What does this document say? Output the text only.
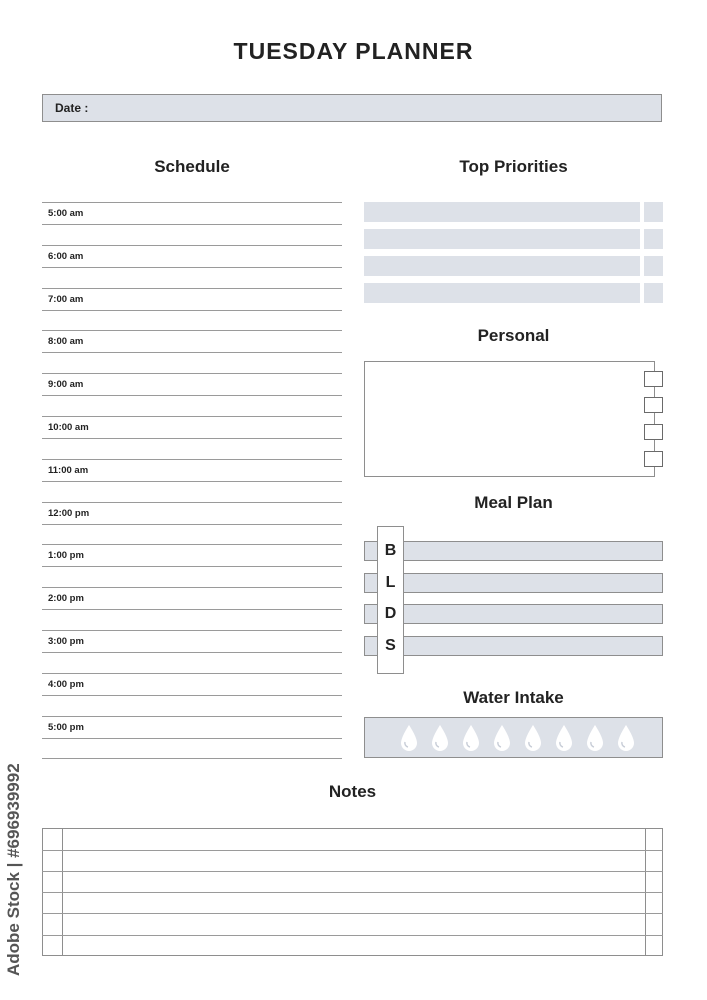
TUESDAY PLANNER
Date :
Schedule	Top Priorities
Personal
Meal Plan
Water Intake
Notes
5:00 am
6:00 am
7:00 am
8:00 am
9:00 am
10:00 am
11:00 am
12:00 pm
1:00 pm
2:00 pm
3:00 pm
4:00 pm
5:00 pm
B
L
D
S
Adobe Stock | #696939992
